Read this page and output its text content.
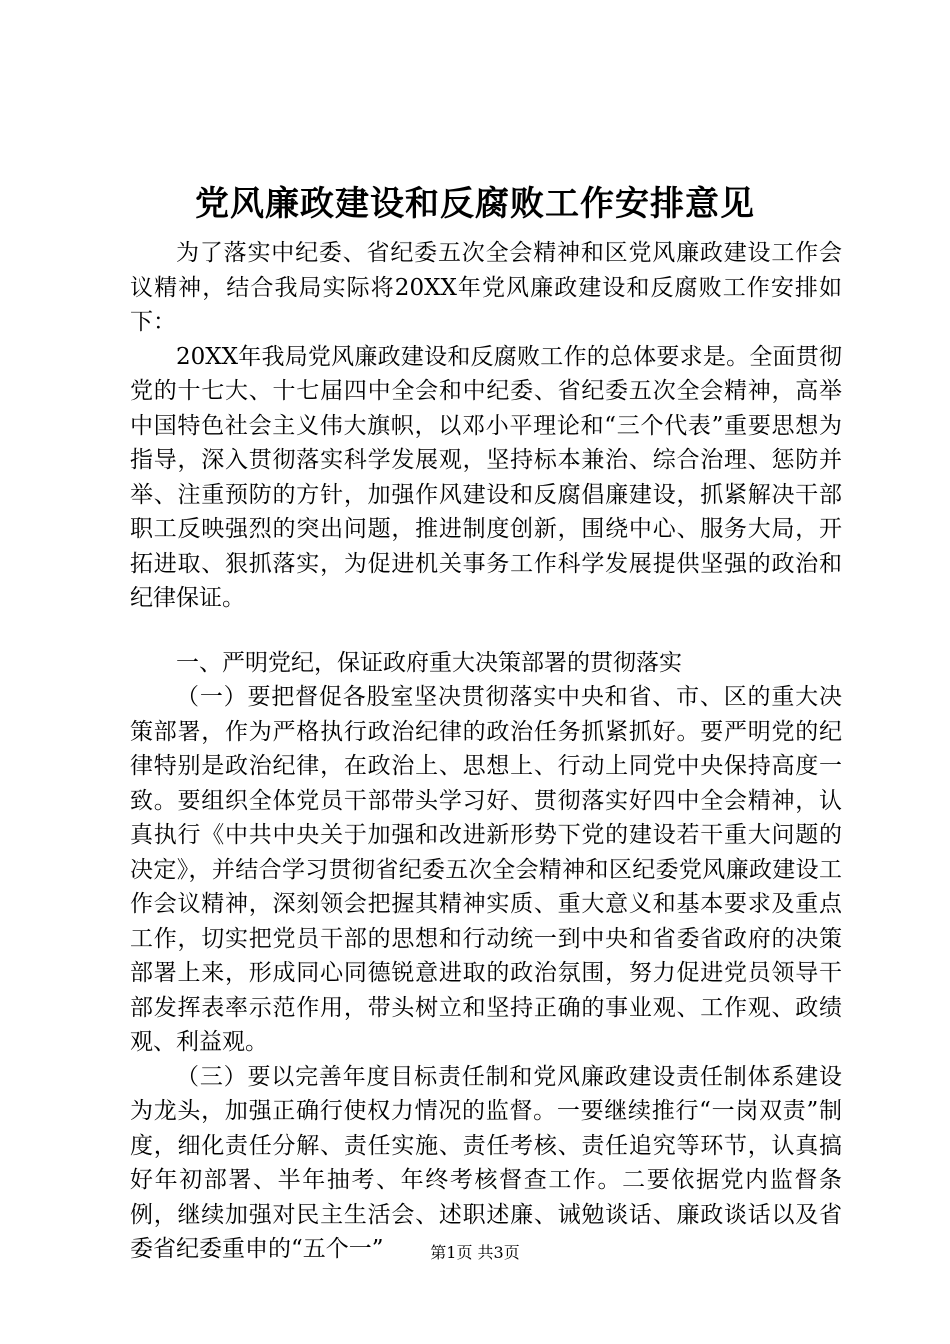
党风廉政建设和反腐败工作安排意见

为了落实中纪委、省纪委五次全会精神和区党风廉政建设工作会议精神，结合我局实际将20XX年党风廉政建设和反腐败工作安排如下：

20XX年我局党风廉政建设和反腐败工作的总体要求是。全面贯彻党的十七大、十七届四中全会和中纪委、省纪委五次全会精神，高举中国特色社会主义伟大旗帜，以邓小平理论和“三个代表”重要思想为指导，深入贯彻落实科学发展观，坚持标本兼治、综合治理、惩防并举、注重预防的方针，加强作风建设和反腐倡廉建设，抓紧解决干部职工反映强烈的突出问题，推进制度创新，围绕中心、服务大局，开拓进取、狠抓落实，为促进机关事务工作科学发展提供坚强的政治和纪律保证。

一、严明党纪，保证政府重大决策部署的贯彻落实

（一）要把督促各股室坚决贯彻落实中央和省、市、区的重大决策部署，作为严格执行政治纪律的政治任务抓紧抓好。要严明党的纪律特别是政治纪律，在政治上、思想上、行动上同党中央保持高度一致。要组织全体党员干部带头学习好、贯彻落实好四中全会精神，认真执行《中共中央关于加强和改进新形势下党的建设若干重大问题的决定》，并结合学习贯彻省纪委五次全会精神和区纪委党风廉政建设工作会议精神，深刻领会把握其精神实质、重大意义和基本要求及重点工作，切实把党员干部的思想和行动统一到中央和省委省政府的决策部署上来，形成同心同德锐意进取的政治氛围，努力促进党员领导干部发挥表率示范作用，带头树立和坚持正确的事业观、工作观、政绩观、利益观。

（三）要以完善年度目标责任制和党风廉政建设责任制体系建设为龙头，加强正确行使权力情况的监督。一要继续推行“一岗双责”制度，细化责任分解、责任实施、责任考核、责任追究等环节，认真搞好年初部署、半年抽考、年终考核督查工作。二要依据党内监督条例，继续加强对民主生活会、述职述廉、诫勉谈话、廉政谈话以及省委省纪委重申的“五个一”	第1页 共3页
